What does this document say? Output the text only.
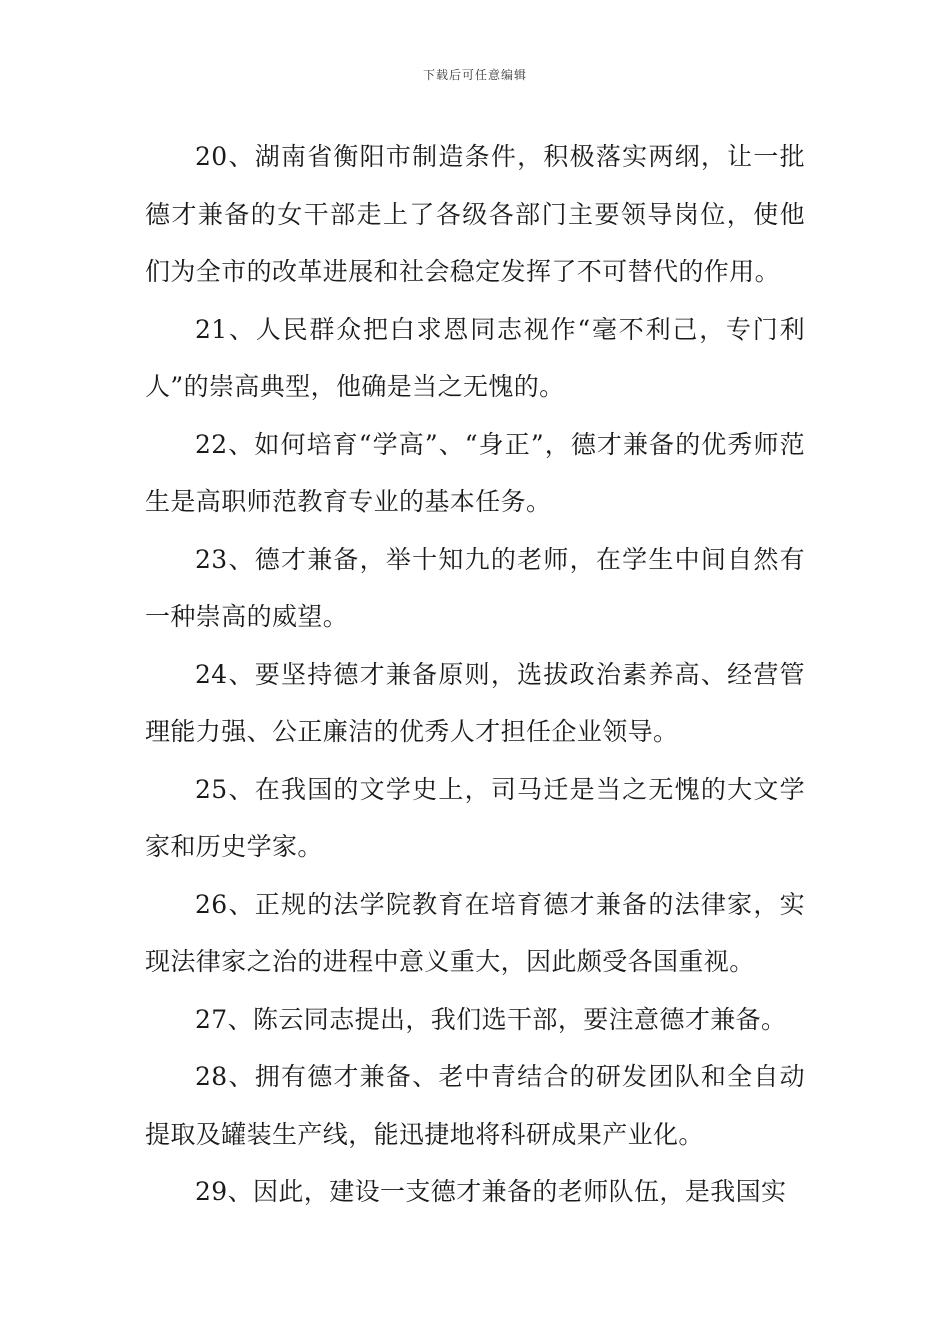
下载后可任意编辑

20、湖南省衡阳市制造条件，积极落实两纲，让一批德才兼备的女干部走上了各级各部门主要领导岗位，使他们为全市的改革进展和社会稳定发挥了不可替代的作用。

21、人民群众把白求恩同志视作“毫不利己，专门利人”的崇高典型，他确是当之无愧的。

22、如何培育“学高”、“身正”，德才兼备的优秀师范生是高职师范教育专业的基本任务。

23、德才兼备，举十知九的老师，在学生中间自然有一种崇高的威望。

24、要坚持德才兼备原则，选拔政治素养高、经营管理能力强、公正廉洁的优秀人才担任企业领导。

25、在我国的文学史上，司马迁是当之无愧的大文学家和历史学家。

26、正规的法学院教育在培育德才兼备的法律家，实现法律家之治的进程中意义重大，因此颇受各国重视。

27、陈云同志提出，我们选干部，要注意德才兼备。

28、拥有德才兼备、老中青结合的研发团队和全自动提取及罐装生产线，能迅捷地将科研成果产业化。

29、因此，建设一支德才兼备的老师队伍，是我国实
